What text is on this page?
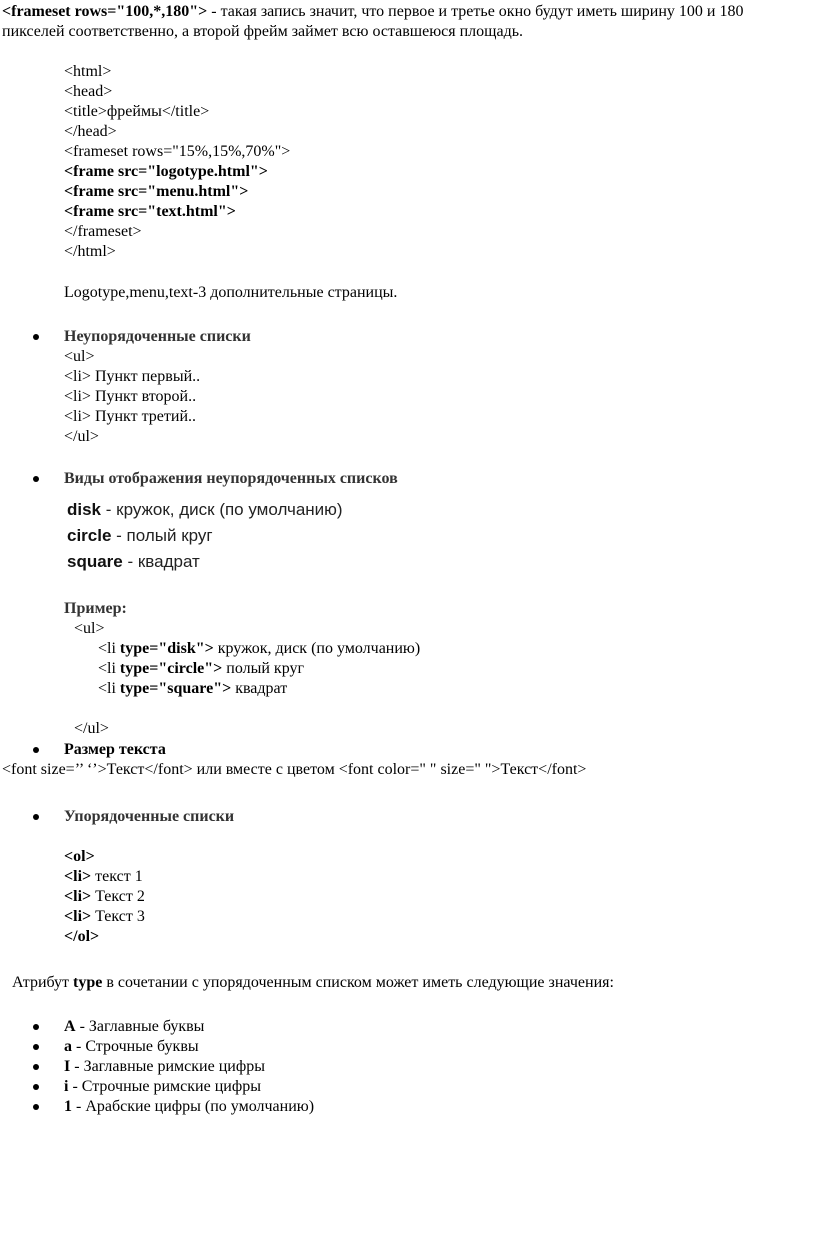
<frameset rows="100,*,180"> - такая запись значит, что первое и третье окно будут иметь ширину 100 и 180
пикселей соответственно, а второй фрейм займет всю оставшеюся площадь.
<html>
<head>
<title>фреймы</title>
</head>
<frameset rows="15%,15%,70%">
<frame src="logotype.html">
<frame src="menu.html">
<frame src="text.html">
</frameset>
</html>
Logotype,menu,text-3 дополнительные страницы.
Неупорядоченные списки
<ul>
<li> Пункт первый..
<li> Пункт второй..
<li> Пункт третий..
</ul>
Виды отображения неупорядоченных списков
disk - кружок, диск (по умолчанию)
circle - полый круг
square - квадрат
Пример:
<ul>
<li type="disk"> кружок, диск (по умолчанию)
<li type="circle"> полый круг
<li type="square"> квадрат
</ul>
Размер текста
<font size=’’ ‘’>Текст</font> или вместе с цветом <font color=" " size=" ">Текст</font>
Упорядоченные списки
<ol>
<li> текст 1
<li> Текст 2
<li> Текст 3
</ol>
Атрибут type в сочетании с упорядоченным списком может иметь следующие значения:
A - Заглавные буквы
a - Строчные буквы
I - Заглавные римские цифры
i - Строчные римские цифры
1 - Арабские цифры (по умолчанию)
